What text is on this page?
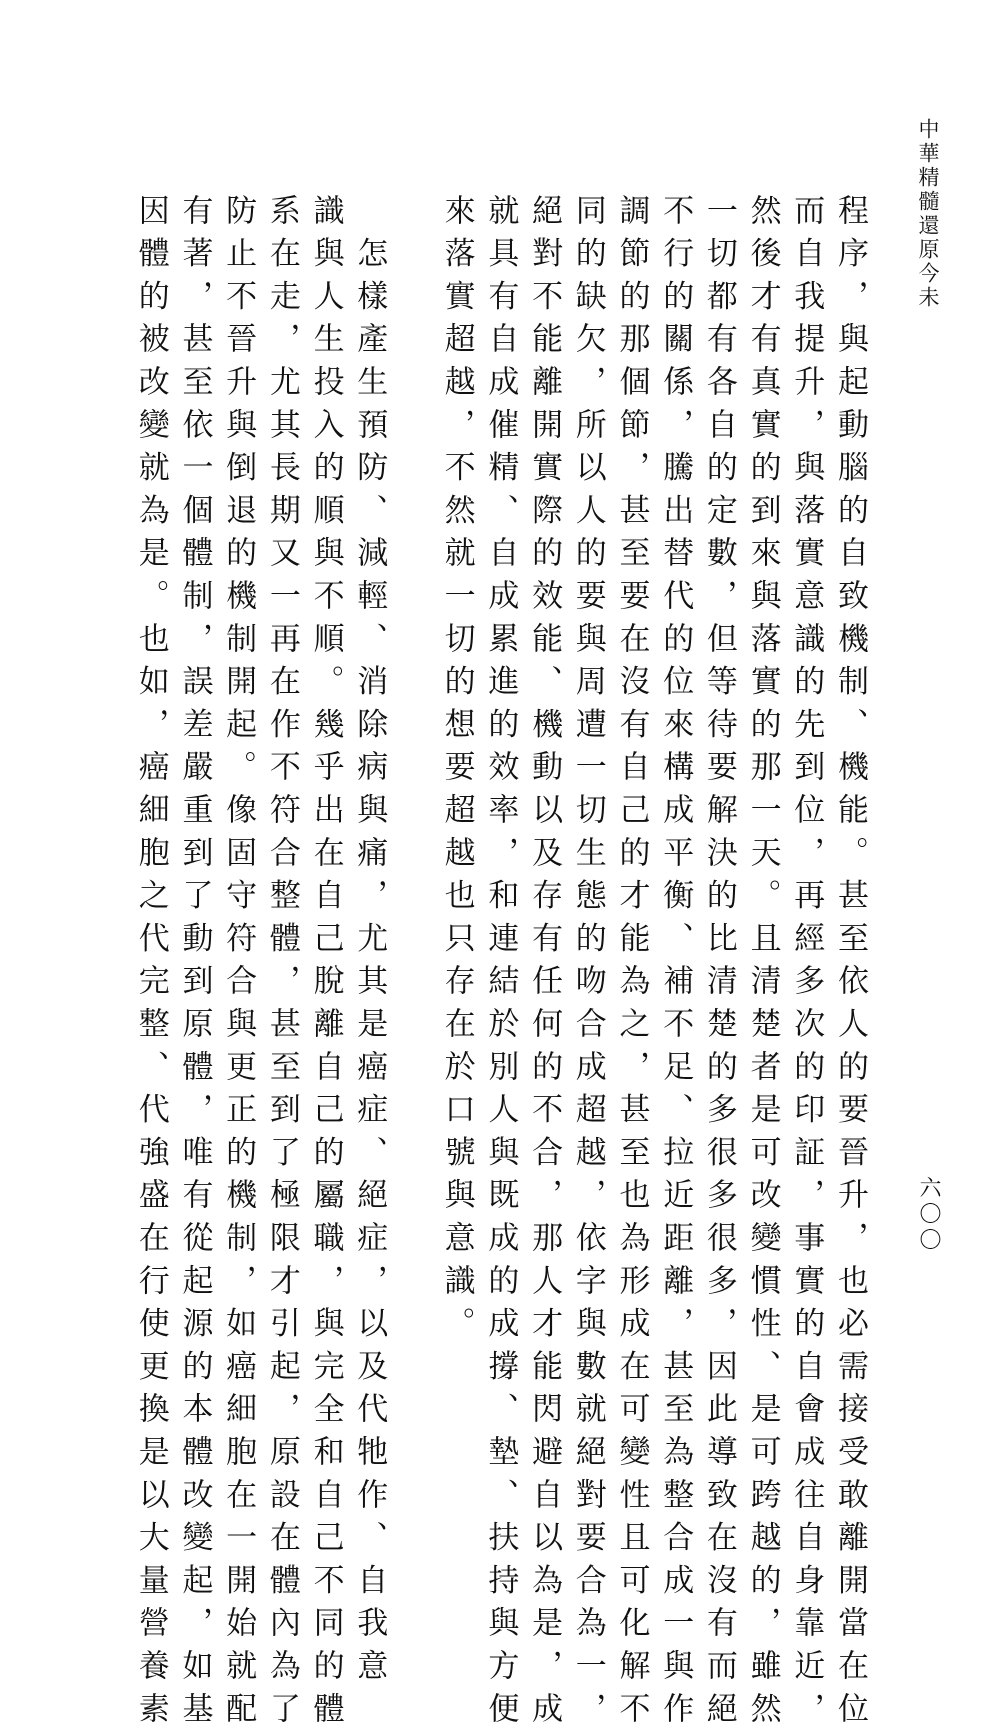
中華精髓還原今未
程序，與起動腦的自致機制、機能。甚至依人的要晉升，也必需接受敢離開當在位
而自我提升，與落實意識的先到位，再經多次的印証，事實的自會成往自身靠近，
然後才有真實的到來與落實的那一天。且清楚者是可改變慣性、是可跨越的，雖然
一切都有各自的定數，但等待要解決的比清楚的多很多很多，因此導致在沒有而絕
不行的關係，騰出替代的位來構成平衡、補不足、拉近距離，甚至為整合成一與作
調節的那個節，甚至要在沒有自己的才能為之，甚至也為形成在可變性且可化解不
同的缺欠，所以人的要與周遭一切生態的吻合成超越，依字與數就絕對要合為一，
絕對不能離開實際的效能、機動以及存有任何的不合，那人才能閃避自以為是，成
就具有自成催精、自成累進的效率，和連結於別人與既成的成撐、墊、扶持與方便
來落實超越，不然就一切的想要超越也只存在於口號與意識。
　怎樣產生預防、減輕、消除病與痛，尤其是癌症、絕症，以及代牠作、自我意
識與人生投入的順與不順。幾乎出在自己脫離自己的屬職，與完全和自己不同的體
系在走，尤其長期又一再在作不符合整體，甚至到了極限才引起，原設在體內為了
防止不晉升與倒退的機制開起。像固守符合與更正的機制，如癌細胞在一開始就配
有著，甚至依一個體制，誤差嚴重到了動到原體，唯有從起源的本體改變起，如基
因體的被改變就為是。也如，癌細胞之代完整、代強盛在行使更換是以大量營養素	六〇〇
